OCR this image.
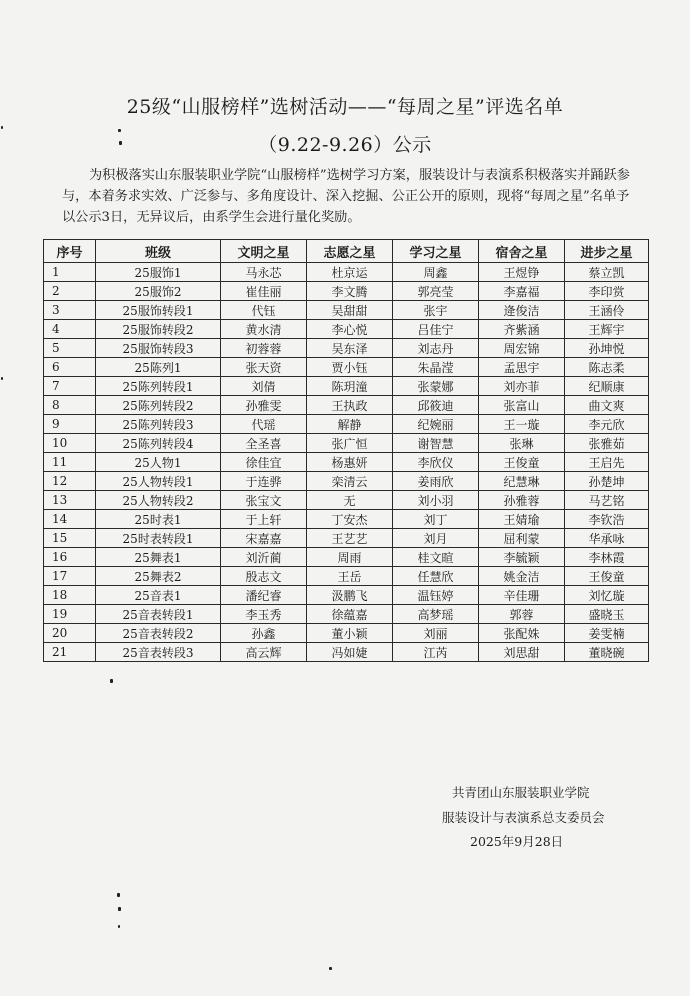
25级“山服榜样”选树活动——“每周之星”评选名单
（9.22-9.26）公示
为积极落实山东服装职业学院“山服榜样”选树学习方案，服装设计与表演系积极落实并踊跃参与，本着务求实效、广泛参与、多角度设计、深入挖掘、公正公开的原则，现将“每周之星”名单予以公示3日，无异议后，由系学生会进行量化奖励。
序号	班级	文明之星	志愿之星	学习之星	宿舍之星	进步之星
1	25服饰1	马永芯	杜京运	周鑫	王煜铮	蔡立凯
2	25服饰2	崔佳丽	李文腾	郭亮莹	李嘉福	李印赏
3	25服饰转段1	代钰	吴甜甜	张宇	逄俊洁	王涵伶
4	25服饰转段2	黄水清	李心悦	吕佳宁	齐紫涵	王辉宇
5	25服饰转段3	初蓉蓉	吴东泽	刘志丹	周宏锦	孙坤悦
6	25陈列1	张天资	贾小钰	朱晶滢	孟思宇	陈志柔
7	25陈列转段1	刘倩	陈玥潼	张蒙娜	刘亦菲	纪顺康
8	25陈列转段2	孙雅雯	王执政	邱筱迪	张富山	曲文爽
9	25陈列转段3	代瑶	解静	纪婉丽	王一璇	李元欣
10	25陈列转段4	全圣喜	张广恒	谢智慧	张琳	张雅茹
11	25人物1	徐佳宜	杨惠妍	李欣仪	王俊童	王启先
12	25人物转段1	于连骅	栾清云	姜雨欣	纪慧琳	孙楚坤
13	25人物转段2	张宝文	无	刘小羽	孙雅蓉	马艺铭
14	25时表1	于上轩	丁安杰	刘丁	王婧瑜	李钦浩
15	25时表转段1	宋嘉嘉	王艺艺	刘月	屈利蒙	华承咏
16	25舞表1	刘沂蔺	周雨	桂文暄	李毓颖	李林霞
17	25舞表2	殷志文	王岳	任慧欣	姚金洁	王俊童
18	25音表1	潘纪睿	汲鹏飞	温钰婷	辛佳珊	刘忆璇
19	25音表转段1	李玉秀	徐蕴嘉	高梦瑶	郭蓉	盛晓玉
20	25音表转段2	孙鑫	董小颖	刘丽	张配姝	姜雯楠
21	25音表转段3	高云辉	冯如婕	江芮	刘思甜	董晓碗
共青团山东服装职业学院
服装设计与表演系总支委员会
2025年9月28日
